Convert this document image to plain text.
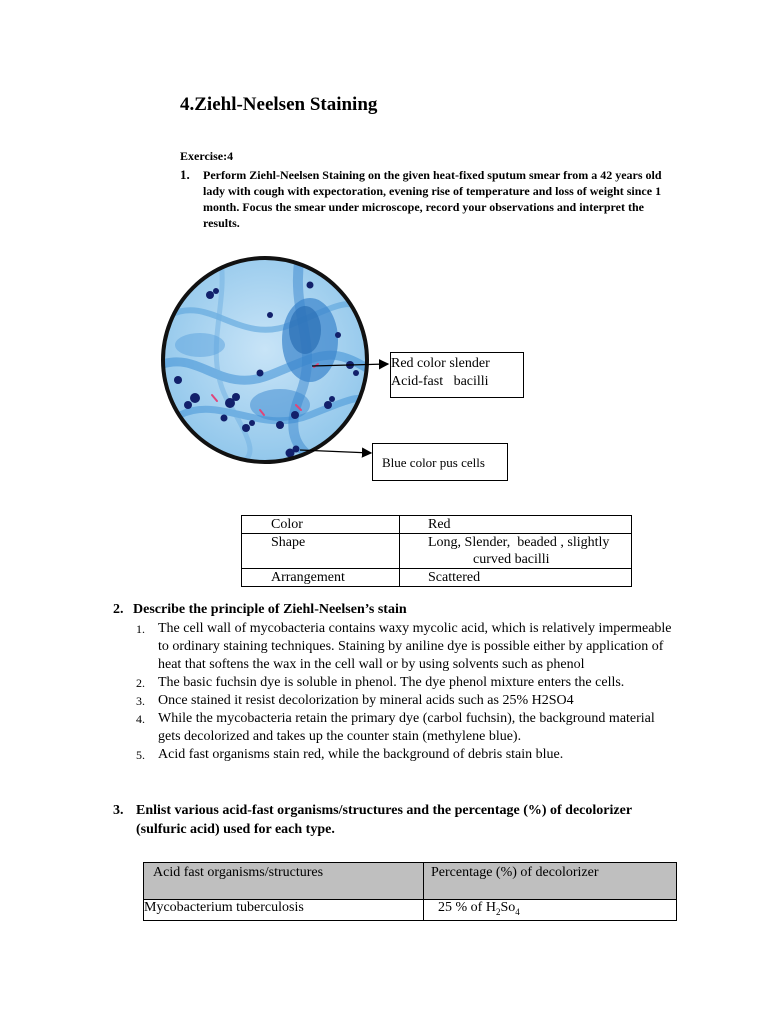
4.Ziehl-Neelsen Staining
Exercise:4
1. Perform Ziehl-Neelsen Staining on the given heat-fixed sputum smear from a 42 years old lady with cough with expectoration, evening rise of temperature and loss of weight since 1 month. Focus the smear under microscope, record your observations and interpret the results.
Red color slender
Acid-fast   bacilli
Blue color pus cells
Color	Red
Shape	Long, Slender,  beaded , slightly
curved bacilli

Arrangement	Scattered
2. Describe the principle of Ziehl-Neelsen’s stain
1. The cell wall of mycobacteria contains waxy mycolic acid, which is relatively impermeable to ordinary staining techniques. Staining by aniline dye is possible either by application of heat that softens the wax in the cell wall or by using solvents such as phenol
2. The basic fuchsin dye is soluble in phenol. The dye phenol mixture enters the cells.
3. Once stained it resist decolorization by mineral acids such as 25% H2SO4
4. While the mycobacteria retain the primary dye (carbol fuchsin), the background material gets decolorized and takes up the counter stain (methylene blue).
5. Acid fast organisms stain red, while the background of debris stain blue.
3. Enlist various acid-fast organisms/structures and the percentage (%) of decolorizer (sulfuric acid) used for each type.
Acid fast organisms/structures	Percentage (%) of decolorizer
Mycobacterium tuberculosis	25 % of $H_2So_4$
